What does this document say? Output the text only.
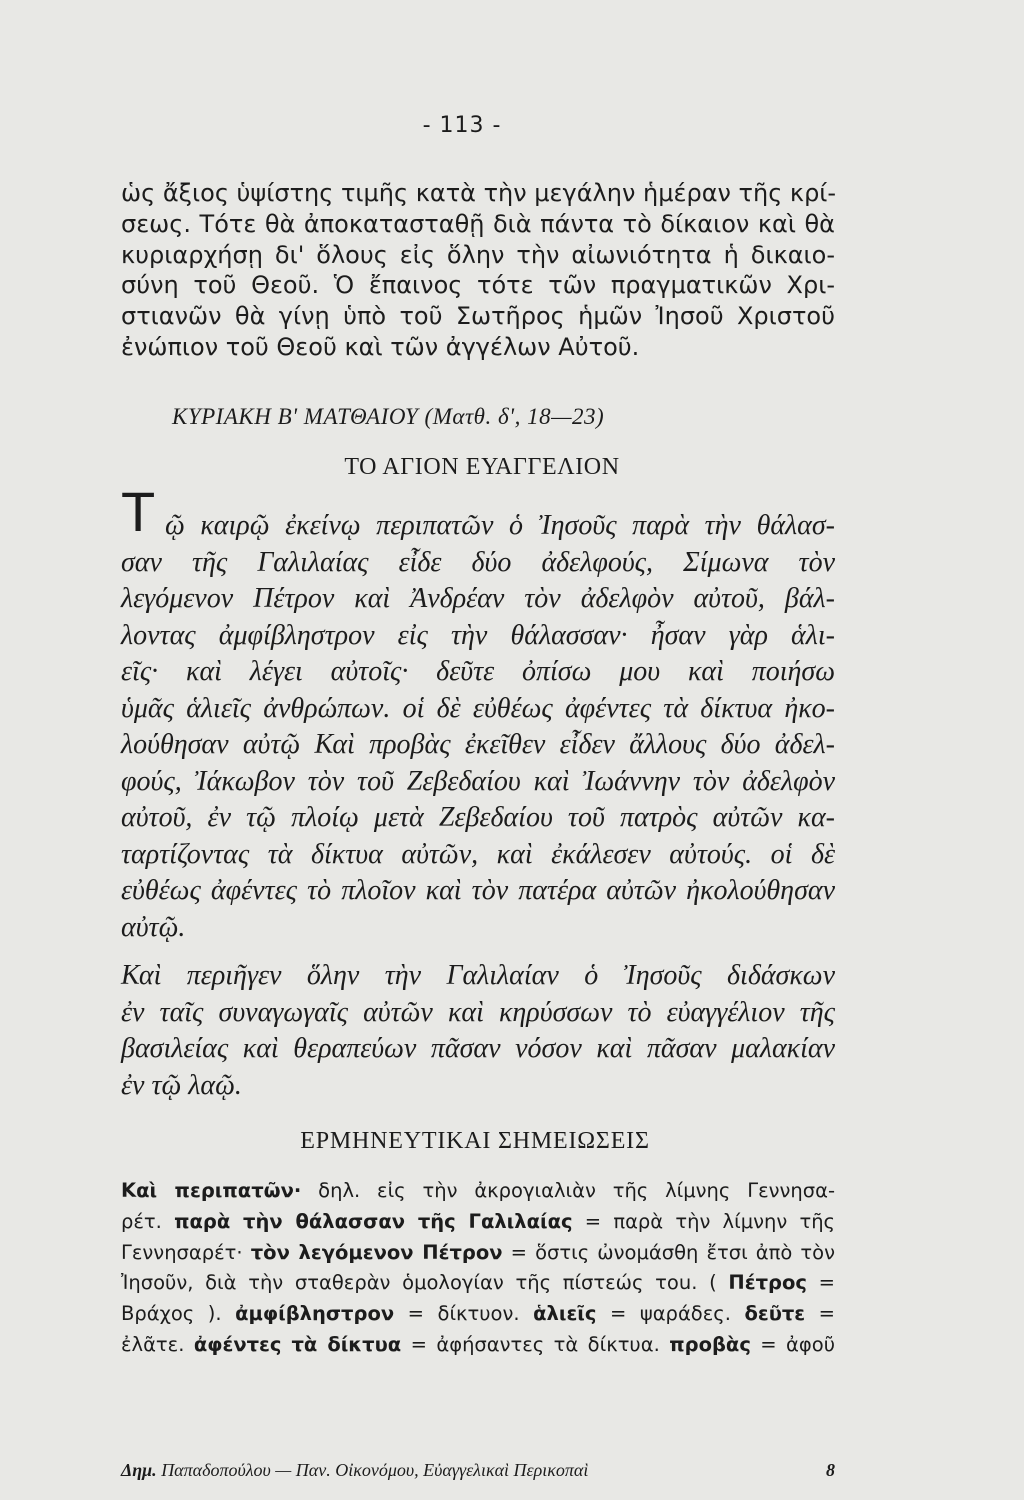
- 113 -
ὡς ἄξιος ὑψίστης τιμῆς κατὰ τὴν μεγάλην ἡμέραν τῆς κρί-
σεως. Τότε θὰ ἀποκατασταθῇ διὰ πάντα τὸ δίκαιον καὶ θὰ
κυριαρχήσῃ δι' ὅλους εἰς ὅλην τὴν αἰωνιότητα ἡ δικαιο-
σύνη τοῦ Θεοῦ. Ὁ ἔπαινος τότε τῶν πραγματικῶν Χρι-
στιανῶν θὰ γίνῃ ὑπὸ τοῦ Σωτῆρος ἡμῶν Ἰησοῦ Χριστοῦ
ἐνώπιον τοῦ Θεοῦ καὶ τῶν ἀγγέλων Αὐτοῦ.
ΚΥΡΙΑΚΗ Β' ΜΑΤΘΑΙΟΥ (Ματθ. δ', 18—23)
ΤΟ ΑΓΙΟΝ ΕΥΑΓΓΕΛΙΟΝ
Τ ῷ καιρῷ ἐκείνῳ περιπατῶν ὁ Ἰησοῦς παρὰ τὴν θάλασ-
σαν τῆς Γαλιλαίας εἶδε δύο ἀδελφούς, Σίμωνα τὸν
λεγόμενον Πέτρον καὶ Ἀνδρέαν τὸν ἀδελφὸν αὐτοῦ, βάλ-
λοντας ἀμφίβληστρον εἰς τὴν θάλασσαν· ἦσαν γὰρ ἁλι-
εῖς· καὶ λέγει αὐτοῖς· δεῦτε ὀπίσω μου καὶ ποιήσω
ὑμᾶς ἁλιεῖς ἀνθρώπων. οἱ δὲ εὐθέως ἀφέντες τὰ δίκτυα ἠκο-
λούθησαν αὐτῷ Καὶ προβὰς ἐκεῖθεν εἶδεν ἄλλους δύο ἀδελ-
φούς, Ἰάκωβον τὸν τοῦ Ζεβεδαίου καὶ Ἰωάννην τὸν ἀδελφὸν
αὐτοῦ, ἐν τῷ πλοίῳ μετὰ Ζεβεδαίου τοῦ πατρὸς αὐτῶν κα-
ταρτίζοντας τὰ δίκτυα αὐτῶν, καὶ ἐκάλεσεν αὐτούς. οἱ δὲ
εὐθέως ἀφέντες τὸ πλοῖον καὶ τὸν πατέρα αὐτῶν ἠκολούθησαν
αὐτῷ.
Καὶ περιῆγεν ὅλην τὴν Γαλιλαίαν ὁ Ἰησοῦς διδάσκων
ἐν ταῖς συναγωγαῖς αὐτῶν καὶ κηρύσσων τὸ εὐαγγέλιον τῆς
βασιλείας καὶ θεραπεύων πᾶσαν νόσον καὶ πᾶσαν μαλακίαν
ἐν τῷ λαῷ.
ΕΡΜΗΝΕΥΤΙΚΑΙ ΣΗΜΕΙΩΣΕΙΣ
Καὶ περιπατῶν· δηλ. εἰς τὴν ἀκρογιαλιὰν τῆς λίμνης Γεννησα-
ρέτ. παρὰ τὴν θάλασσαν τῆς Γαλιλαίας = παρὰ τὴν λίμνην τῆς
Γεννησαρέτ· τὸν λεγόμενον Πέτρον = ὅστις ὠνομάσθη ἔτσι ἀπὸ τὸν
Ἰησοῦν, διὰ τὴν σταθερὰν ὁμολογίαν τῆς πίστεώς τοu. ( Πέτρος =
Βράχος ). ἀμφίβληστρον = δίκτυον. ἁλιεῖς = ψαράδες. δεῦτε =
ἐλᾶτε. ἀφέντες τὰ δίκτυα = ἀφήσαντες τὰ δίκτυα. προβὰς = ἀφοῦ
Δημ. Παπαδοπούλου — Παν. Οἰκονόμου, Εὐαγγελικαὶ Περικοπαὶ	8
